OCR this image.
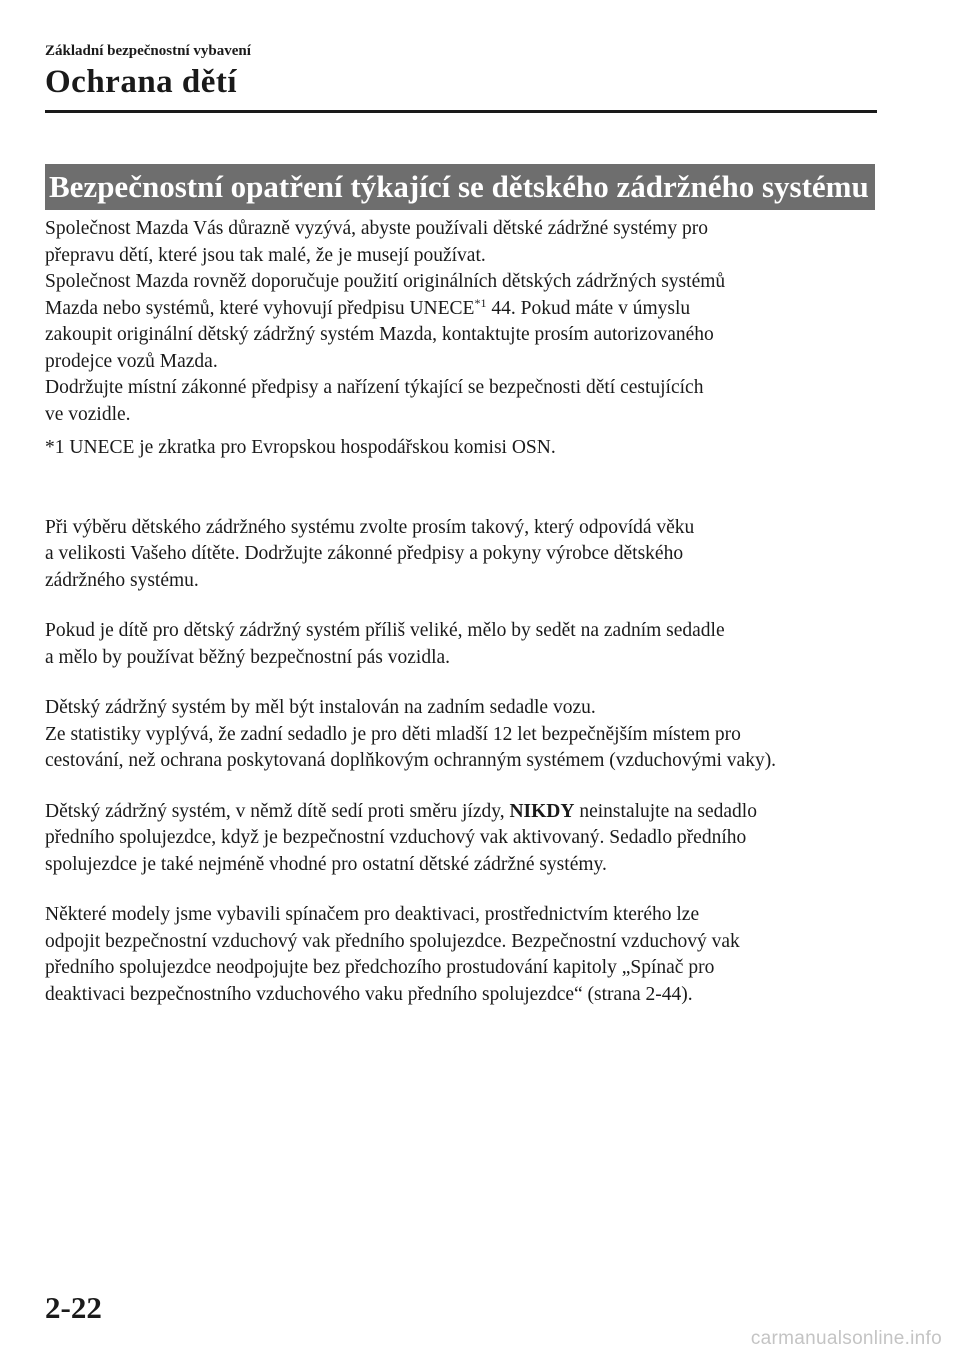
Základní bezpečnostní vybavení
Ochrana dětí
Bezpečnostní opatření týkající se dětského zádržného systému

Společnost Mazda Vás důrazně vyzývá, abyste používali dětské zádržné systémy pro

přepravu dětí, které jsou tak malé, že je musejí používat.

Společnost Mazda rovněž doporučuje použití originálních dětských zádržných systémů

Mazda nebo systémů, které vyhovují předpisu UNECE$^{*1}$ 44. Pokud máte v úmyslu

zakoupit originální dětský zádržný systém Mazda, kontaktujte prosím autorizovaného

prodejce vozů Mazda.

Dodržujte místní zákonné předpisy a nařízení týkající se bezpečnosti dětí cestujících

ve vozidle.

*1 UNECE je zkratka pro Evropskou hospodářskou komisi OSN.

Při výběru dětského zádržného systému zvolte prosím takový, který odpovídá věku

a velikosti Vašeho dítěte. Dodržujte zákonné předpisy a pokyny výrobce dětského

zádržného systému.

Pokud je dítě pro dětský zádržný systém příliš veliké, mělo by sedět na zadním sedadle

a mělo by používat běžný bezpečnostní pás vozidla.

Dětský zádržný systém by měl být instalován na zadním sedadle vozu.

Ze statistiky vyplývá, že zadní sedadlo je pro děti mladší 12 let bezpečnějším místem pro

cestování, než ochrana poskytovaná doplňkovým ochranným systémem (vzduchovými vaky).

Dětský zádržný systém, v němž dítě sedí proti směru jízdy, NIKDY neinstalujte na sedadlo

předního spolujezdce, když je bezpečnostní vzduchový vak aktivovaný. Sedadlo předního

spolujezdce je také nejméně vhodné pro ostatní dětské zádržné systémy.

Některé modely jsme vybavili spínačem pro deaktivaci, prostřednictvím kterého lze

odpojit bezpečnostní vzduchový vak předního spolujezdce. Bezpečnostní vzduchový vak

předního spolujezdce neodpojujte bez předchozího prostudování kapitoly „Spínač pro

deaktivaci bezpečnostního vzduchového vaku předního spolujezdce“ (strana 2-44).

2-22
carmanualsonline.info
